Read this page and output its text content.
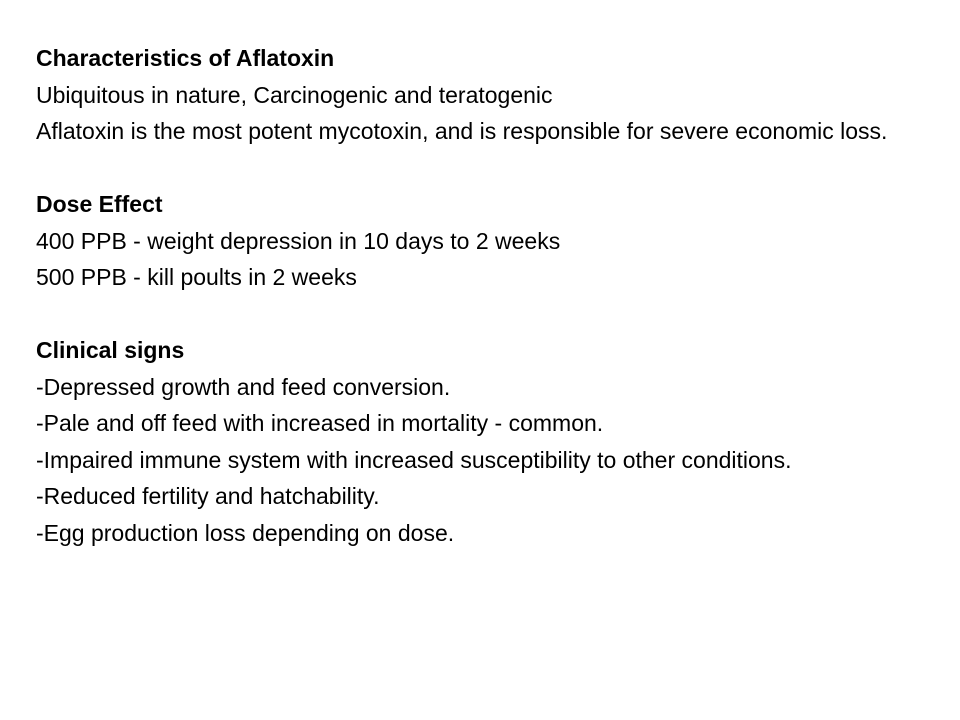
Characteristics of Aflatoxin
Ubiquitous in nature, Carcinogenic and teratogenic
Aflatoxin is the most potent mycotoxin, and is responsible for severe economic loss.
Dose Effect
400 PPB - weight depression in 10 days to 2 weeks
500 PPB - kill poults in 2 weeks
Clinical signs
-Depressed growth and feed conversion.
-Pale and off feed with increased in mortality - common.
-Impaired immune system with increased susceptibility to other conditions.
-Reduced fertility and hatchability.
-Egg production loss depending on dose.
